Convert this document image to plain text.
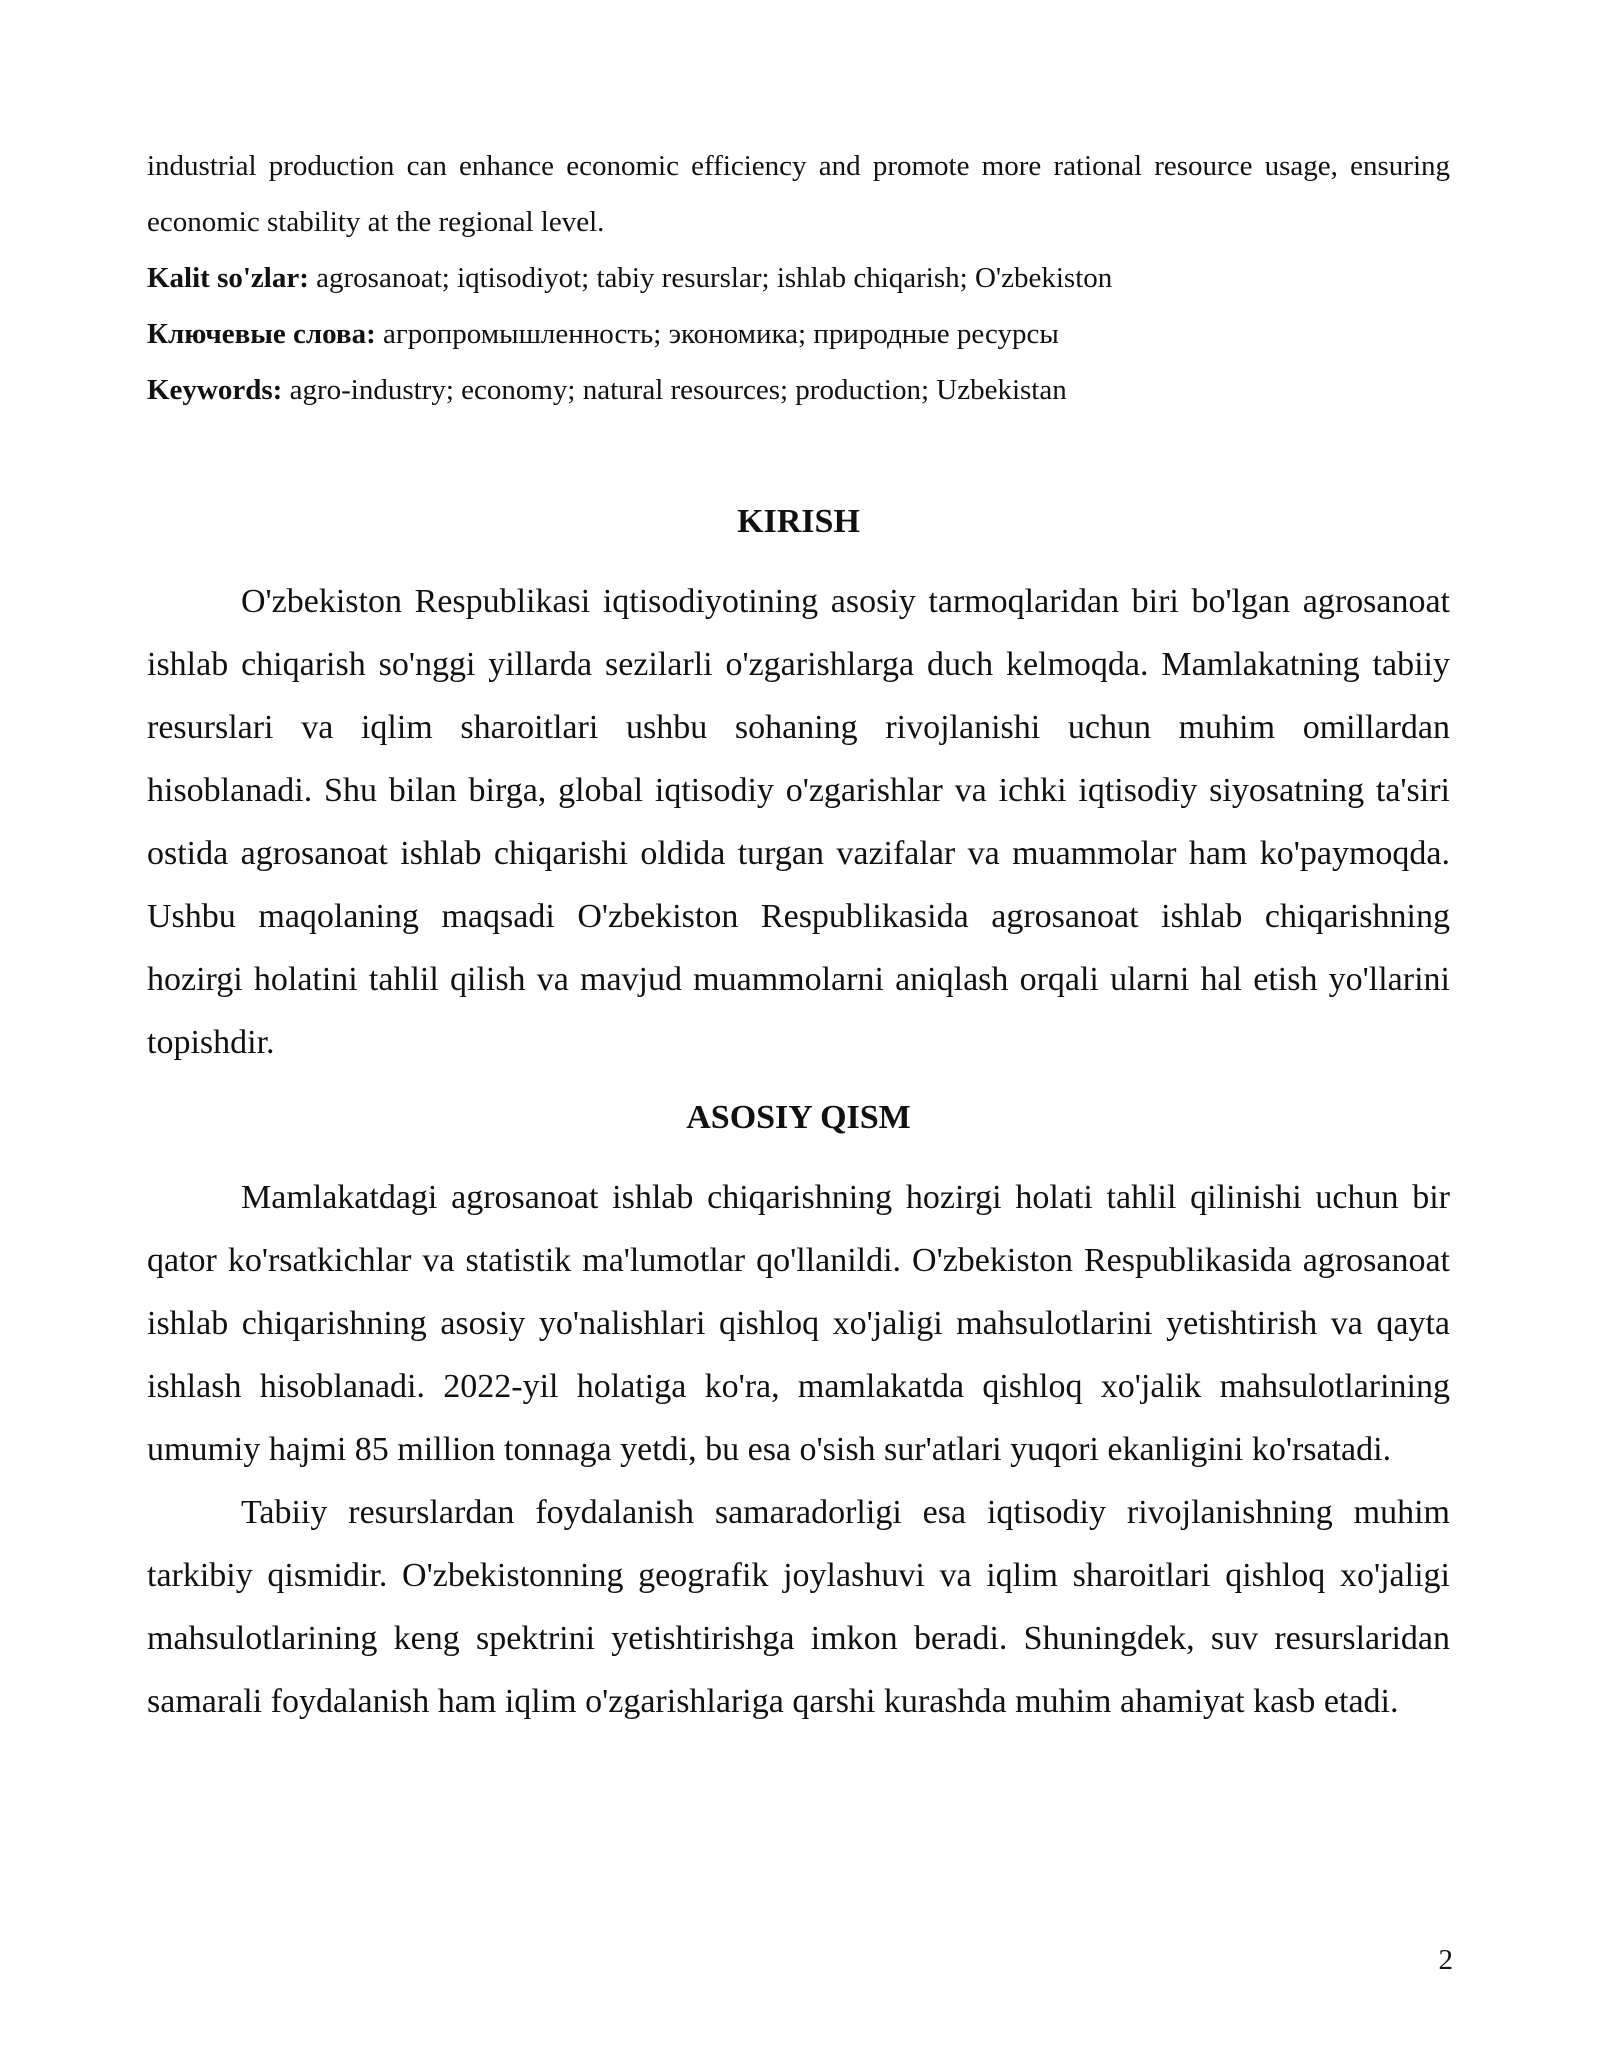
industrial production can enhance economic efficiency and promote more rational resource usage, ensuring economic stability at the regional level.

Kalit so'zlar: agrosanoat; iqtisodiyot; tabiy resurslar; ishlab chiqarish; O'zbekiston

Ключевые слова: агропромышленность; экономика; природные ресурсы

Keywords: agro-industry; economy; natural resources; production; Uzbekistan

KIRISH

O'zbekiston Respublikasi iqtisodiyotining asosiy tarmoqlaridan biri bo'lgan agrosanoat ishlab chiqarish so'nggi yillarda sezilarli o'zgarishlarga duch kelmoqda. Mamlakatning tabiiy resurslari va iqlim sharoitlari ushbu sohaning rivojlanishi uchun muhim omillardan hisoblanadi. Shu bilan birga, global iqtisodiy o'zgarishlar va ichki iqtisodiy siyosatning ta'siri ostida agrosanoat ishlab chiqarishi oldida turgan vazifalar va muammolar ham ko'paymoqda. Ushbu maqolaning maqsadi O'zbekiston Respublikasida agrosanoat ishlab chiqarishning hozirgi holatini tahlil qilish va mavjud muammolarni aniqlash orqali ularni hal etish yo'llarini topishdir.

ASOSIY QISM

Mamlakatdagi agrosanoat ishlab chiqarishning hozirgi holati tahlil qilinishi uchun bir qator ko'rsatkichlar va statistik ma'lumotlar qo'llanildi. O'zbekiston Respublikasida agrosanoat ishlab chiqarishning asosiy yo'nalishlari qishloq xo'jaligi mahsulotlarini yetishtirish va qayta ishlash hisoblanadi. 2022-yil holatiga ko'ra, mamlakatda qishloq xo'jalik mahsulotlarining umumiy hajmi 85 million tonnaga yetdi, bu esa o'sish sur'atlari yuqori ekanligini ko'rsatadi.

Tabiiy resurslardan foydalanish samaradorligi esa iqtisodiy rivojlanishning muhim tarkibiy qismidir. O'zbekistonning geografik joylashuvi va iqlim sharoitlari qishloq xo'jaligi mahsulotlarining keng spektrini yetishtirishga imkon beradi. Shuningdek, suv resurslaridan samarali foydalanish ham iqlim o'zgarishlariga qarshi kurashda muhim ahamiyat kasb etadi.

2
